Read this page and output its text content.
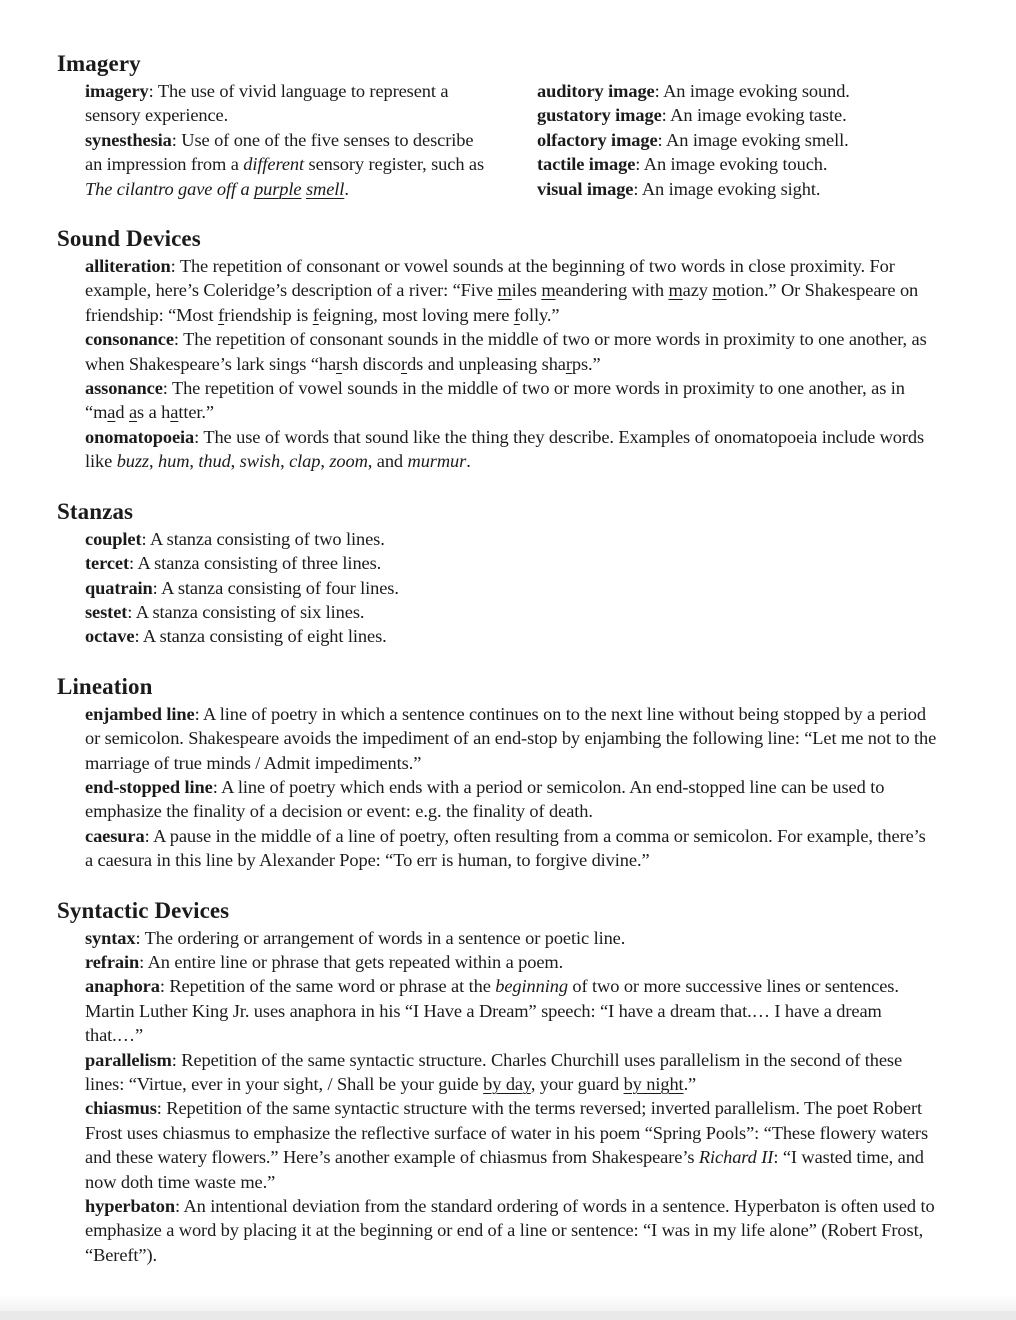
Imagery

imagery: The use of vivid language to represent a sensory experience.

synesthesia: Use of one of the five senses to describe an impression from a different sensory register, such as The cilantro gave off a purple smell.

auditory image: An image evoking sound.

gustatory image: An image evoking taste.

olfactory image: An image evoking smell.

tactile image: An image evoking touch.

visual image: An image evoking sight.

Sound Devices

alliteration: The repetition of consonant or vowel sounds at the beginning of two words in close proximity. For example, here’s Coleridge’s description of a river: “Five miles meandering with mazy motion.” Or Shakespeare on friendship: “Most friendship is feigning, most loving mere folly.”

consonance: The repetition of consonant sounds in the middle of two or more words in proximity to one another, as when Shakespeare’s lark sings “harsh discords and unpleasing sharps.”

assonance: The repetition of vowel sounds in the middle of two or more words in proximity to one another, as in “mad as a hatter.”

onomatopoeia: The use of words that sound like the thing they describe. Examples of onomatopoeia include words like buzz, hum, thud, swish, clap, zoom, and murmur.

Stanzas

couplet: A stanza consisting of two lines.

tercet: A stanza consisting of three lines.

quatrain: A stanza consisting of four lines.

sestet: A stanza consisting of six lines.

octave: A stanza consisting of eight lines.

Lineation

enjambed line: A line of poetry in which a sentence continues on to the next line without being stopped by a period or semicolon. Shakespeare avoids the impediment of an end-stop by enjambing the following line: “Let me not to the marriage of true minds / Admit impediments.”

end-stopped line: A line of poetry which ends with a period or semicolon. An end-stopped line can be used to emphasize the finality of a decision or event: e.g. the finality of death.

caesura: A pause in the middle of a line of poetry, often resulting from a comma or semicolon. For example, there’s a caesura in this line by Alexander Pope: “To err is human, to forgive divine.”

Syntactic Devices

syntax: The ordering or arrangement of words in a sentence or poetic line.

refrain: An entire line or phrase that gets repeated within a poem.

anaphora: Repetition of the same word or phrase at the beginning of two or more successive lines or sentences. Martin Luther King Jr. uses anaphora in his “I Have a Dream” speech: “I have a dream that.… I have a dream that.…”

parallelism: Repetition of the same syntactic structure. Charles Churchill uses parallelism in the second of these lines: “Virtue, ever in your sight, / Shall be your guide by day, your guard by night.”

chiasmus: Repetition of the same syntactic structure with the terms reversed; inverted parallelism. The poet Robert Frost uses chiasmus to emphasize the reflective surface of water in his poem “Spring Pools”: “These flowery waters and these watery flowers.” Here’s another example of chiasmus from Shakespeare’s Richard II: “I wasted time, and now doth time waste me.”

hyperbaton: An intentional deviation from the standard ordering of words in a sentence. Hyperbaton is often used to emphasize a word by placing it at the beginning or end of a line or sentence: “I was in my life alone” (Robert Frost, “Bereft”).
